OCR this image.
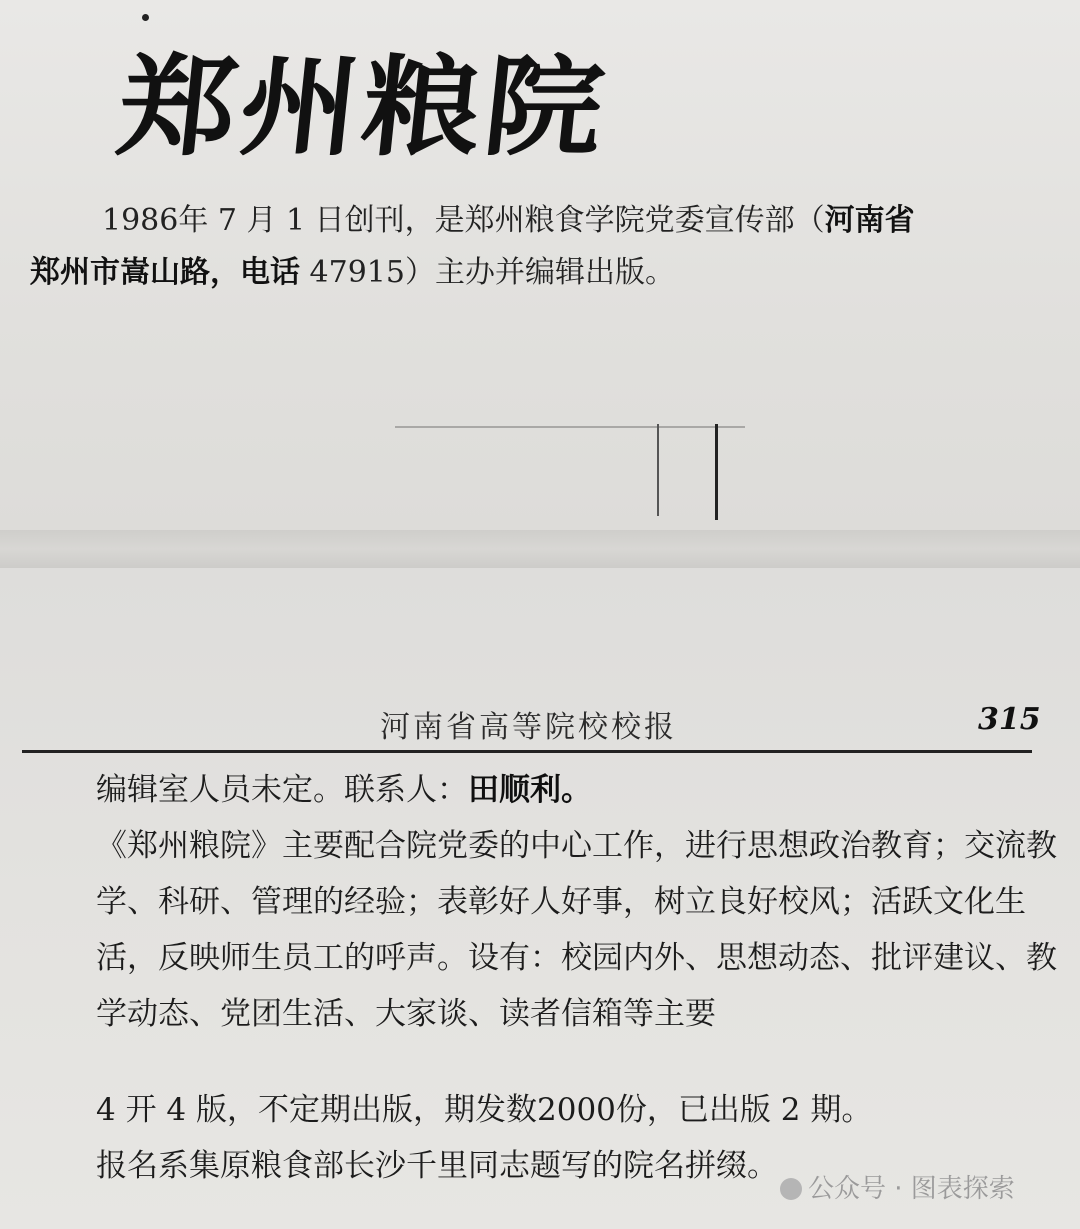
郑州粮院
1986年 7 月 1 日创刊，是郑州粮食学院党委宣传部（河南省
郑州市嵩山路，电话 47915）主办并编辑出版。
河南省高等院校校报	315

编辑室人员未定。联系人：田顺利。

《郑州粮院》主要配合院党委的中心工作，进行思想政治教育；交流教学、科研、管理的经验；表彰好人好事，树立良好校风；活跃文化生活，反映师生员工的呼声。设有：校园内外、思想动态、批评建议、教学动态、党团生活、大家谈、读者信箱等主要

4 开 4 版，不定期出版，期发数2000份，已出版 2 期。

报名系集原粮食部长沙千里同志题写的院名拼缀。

公众号 · 图表探索
